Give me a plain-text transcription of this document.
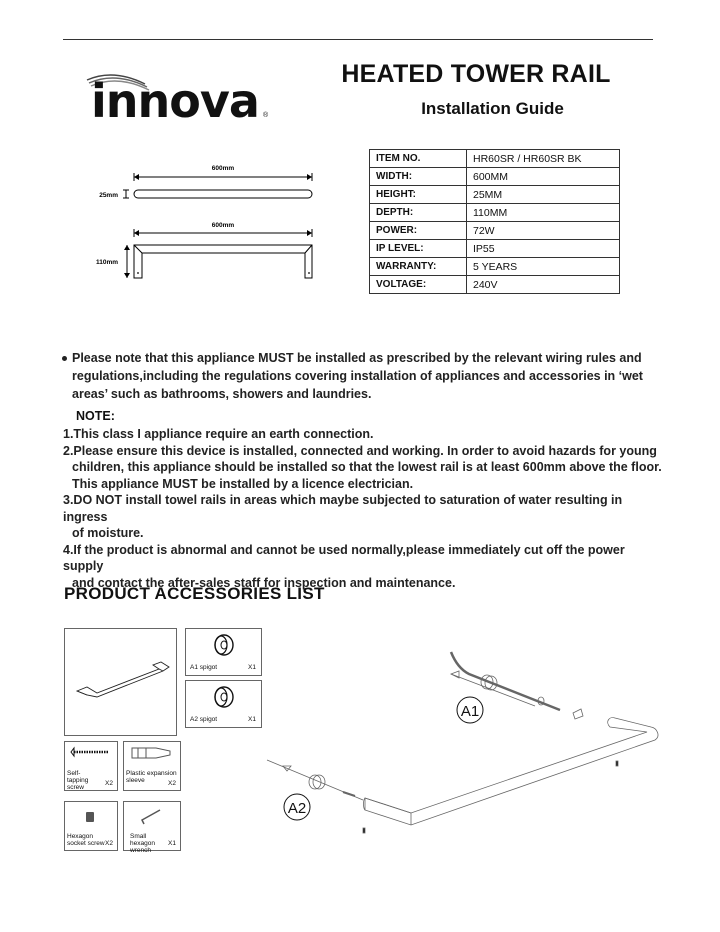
innova ®
HEATED TOWER RAIL
Installation Guide
600mm
25mm
600mm
110mm
ITEM NO.	HR60SR / HR60SR BK
WIDTH:	600MM
HEIGHT:	25MM
DEPTH:	110MM
POWER:	72W
IP LEVEL:	IP55
WARRANTY:	5 YEARS
VOLTAGE:	240V

Please note that this appliance MUST be installed as prescribed by the relevant wiring rules and regulations,including the regulations covering installation of appliances and accessories in ‘wet areas’ such as bathrooms, showers and laundries.

NOTE:

1.This class I appliance require an earth connection.

2.Please ensure this device is installed, connected and working. In order to avoid hazards for young

children, this appliance should be installed so that the lowest rail is at least 600mm above the floor.

This appliance MUST be installed by a licence electrician.

3.DO NOT install towel rails in areas which maybe subjected to saturation of water resulting in ingress

of moisture.

4.If the product is abnormal and cannot be used normally,please immediately cut off the power supply

and contact the after-sales staff for inspection and maintenance.

PRODUCT ACCESSORIES LIST
A1 spigot	X1
A2 spigot	X1
Self-tapping screw
X2
Plastic expansion sleeve	X2
Hexagon socket screw X2
Small hexagon wrench
X1
A1
A2
